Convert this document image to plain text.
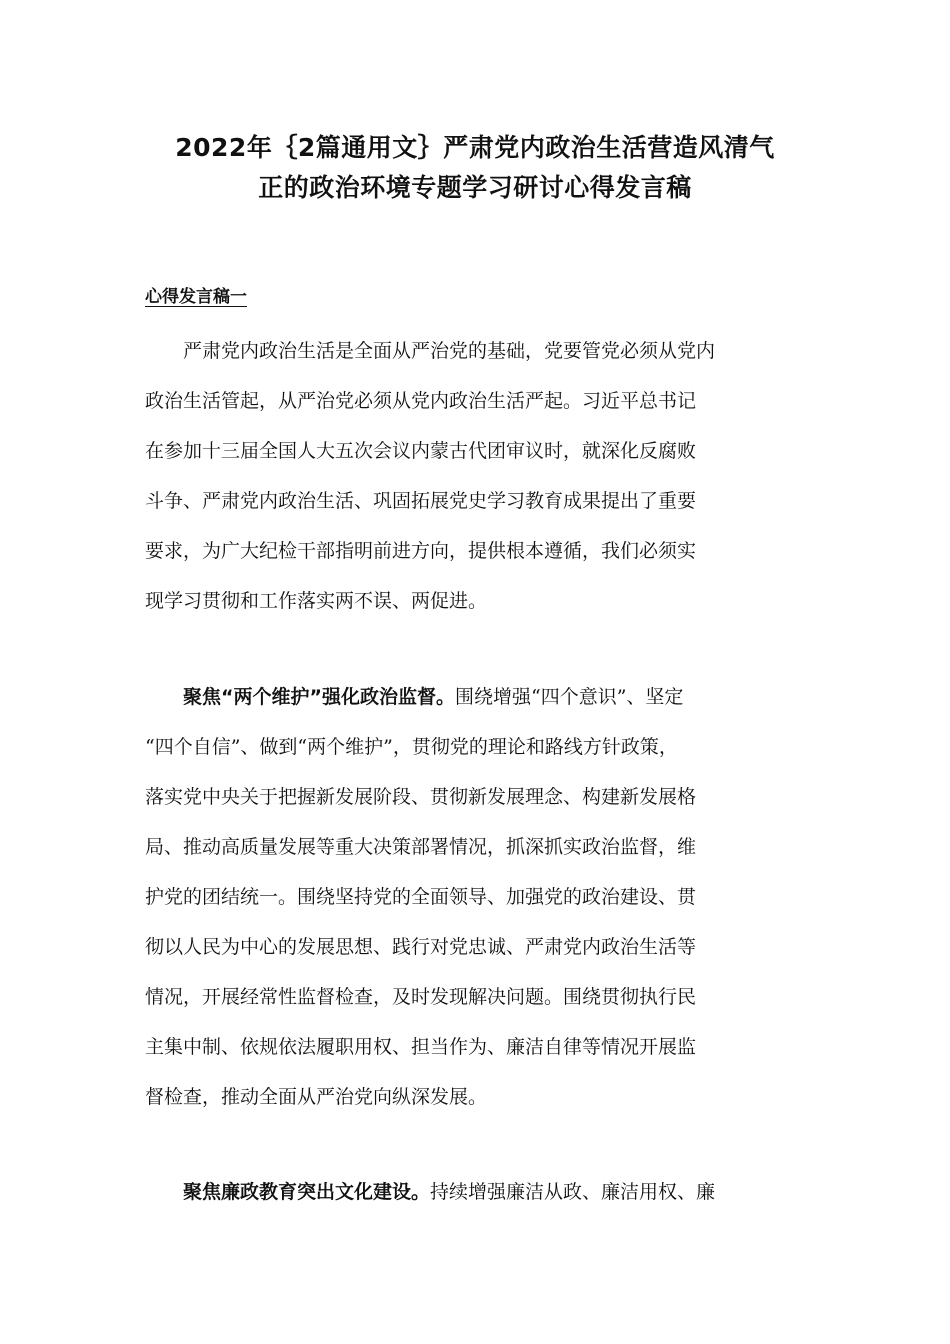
2022年｛2篇通用文｝严肃党内政治生活营造风清气
正的政治环境专题学习研讨心得发言稿
心得发言稿一
　　严肃党内政治生活是全面从严治党的基础，党要管党必须从党内
政治生活管起，从严治党必须从党内政治生活严起。习近平总书记
在参加十三届全国人大五次会议内蒙古代团审议时，就深化反腐败
斗争、严肃党内政治生活、巩固拓展党史学习教育成果提出了重要
要求，为广大纪检干部指明前进方向，提供根本遵循，我们必须实
现学习贯彻和工作落实两不误、两促进。
　　聚焦“两个维护”强化政治监督。围绕增强“四个意识”、坚定
“四个自信”、做到“两个维护”，贯彻党的理论和路线方针政策，
落实党中央关于把握新发展阶段、贯彻新发展理念、构建新发展格
局、推动高质量发展等重大决策部署情况，抓深抓实政治监督，维
护党的团结统一。围绕坚持党的全面领导、加强党的政治建设、贯
彻以人民为中心的发展思想、践行对党忠诚、严肃党内政治生活等
情况，开展经常性监督检查，及时发现解决问题。围绕贯彻执行民
主集中制、依规依法履职用权、担当作为、廉洁自律等情况开展监
督检查，推动全面从严治党向纵深发展。
　　聚焦廉政教育突出文化建设。持续增强廉洁从政、廉洁用权、廉
